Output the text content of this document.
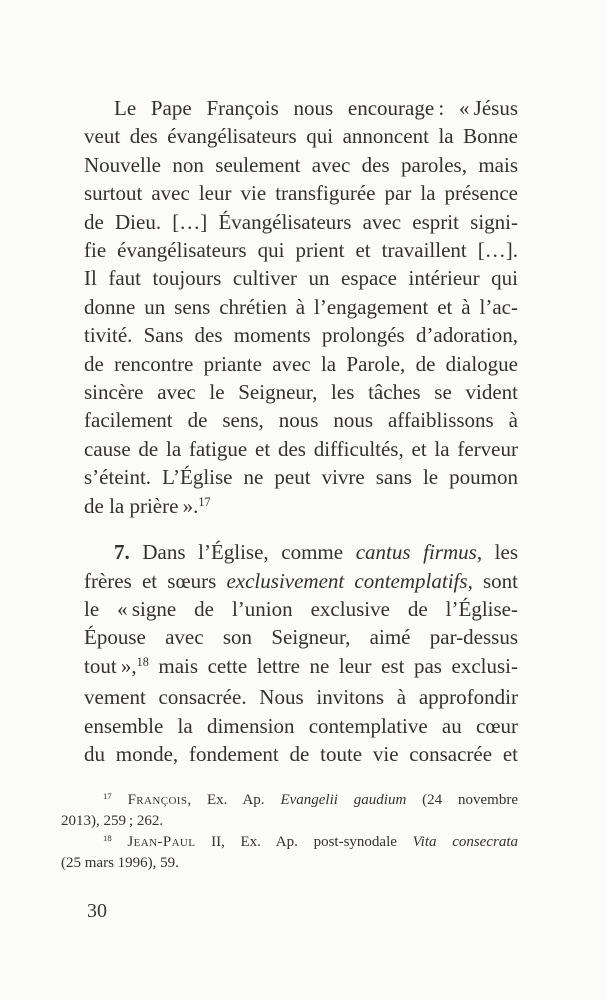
Le Pape François nous encourage : « Jésus
veut des évangélisateurs qui annoncent la Bonne
Nouvelle non seulement avec des paroles, mais
surtout avec leur vie transfigurée par la présence
de Dieu. […] Évangélisateurs avec esprit signi-
fie évangélisateurs qui prient et travaillent […].
Il faut toujours cultiver un espace intérieur qui
donne un sens chrétien à l’engagement et à l’ac-
tivité. Sans des moments prolongés d’adoration,
de rencontre priante avec la Parole, de dialogue
sincère avec le Seigneur, les tâches se vident
facilement de sens, nous nous affaiblissons à
cause de la fatigue et des difficultés, et la ferveur
s’éteint. L’Église ne peut vivre sans le poumon
de la prière ».$^{17}$
7. Dans l’Église, comme cantus firmus, les
frères et sœurs exclusivement contemplatifs, sont
le « signe de l’union exclusive de l’Église-
Épouse avec son Seigneur, aimé par-dessus
tout »,$^{18}$ mais cette lettre ne leur est pas exclusi-
vement consacrée. Nous invitons à approfondir
ensemble la dimension contemplative au cœur
du monde, fondement de toute vie consacrée et
$^{17}$ François, Ex. Ap. Evangelii gaudium (24 novembre
2013), 259 ; 262.
$^{18}$ Jean-Paul II, Ex. Ap. post-synodale Vita consecrata
(25 mars 1996), 59.
30
